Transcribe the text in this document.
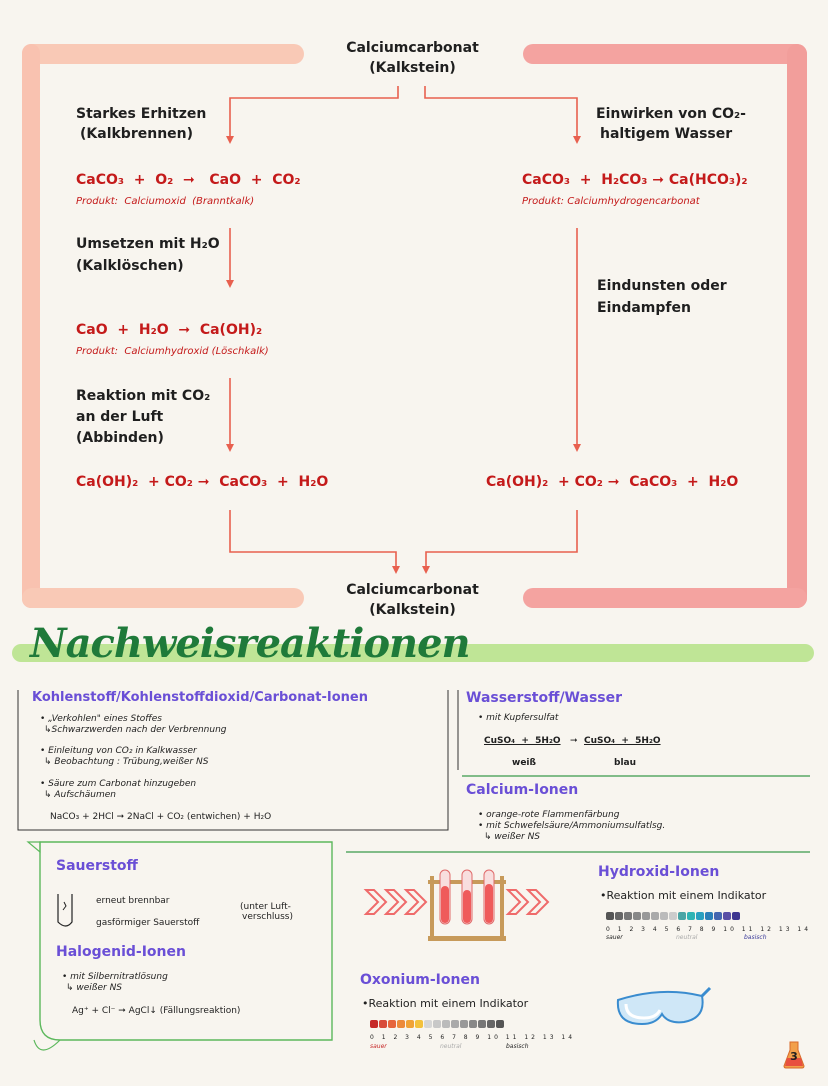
Calciumcarbonat
(Kalkstein)
Calciumcarbonat
(Kalkstein)
Starkes Erhitzen
(Kalkbrennen)
CaCO₃  +  O₂  ➞   CaO  +  CO₂
Produkt:  Calciumoxid  (Branntkalk)
Umsetzen mit H₂O
(Kalklöschen)
CaO  +  H₂O  ➞  Ca(OH)₂
Produkt:  Calciumhydroxid (Löschkalk)
Reaktion mit CO₂
an der Luft
(Abbinden)
Ca(OH)₂  + CO₂ ➞  CaCO₃  +  H₂O
Einwirken von CO₂-
haltigem Wasser
CaCO₃  +  H₂CO₃ ➞ Ca(HCO₃)₂
Produkt: Calciumhydrogencarbonat
Eindunsten oder
Eindampfen
Ca(OH)₂  + CO₂ ➞  CaCO₃  +  H₂O
Nachweisreaktionen
Kohlenstoff/Kohlenstoffdioxid/Carbonat-Ionen
• „Verkohlen" eines Stoffes
↳Schwarzwerden nach der Verbrennung
• Einleitung von CO₂ in Kalkwasser
↳ Beobachtung : Trübung,weißer NS
• Säure zum Carbonat hinzugeben
↳ Aufschäumen
NaCO₃ + 2HCl ➞ 2NaCl + CO₂ (entwichen) + H₂O
Wasserstoff/Wasser
• mit Kupfersulfat
CuSO₄  +  5H₂O ➞ CuSO₄  +  5H₂O
weiß	blau
Calcium-Ionen
• orange-rote Flammenfärbung
• mit Schwefelsäure/Ammoniumsulfatlsg.
↳ weißer NS
Sauerstoff
erneut brennbar
gasförmiger Sauerstoff
(unter Luft-
verschluss)
Halogenid-Ionen
• mit Silbernitratlösung
↳ weißer NS
Ag⁺ + Cl⁻ ➞ AgCl↓ (Fällungsreaktion)
Hydroxid-Ionen
•Reaktion mit einem Indikator
0 1 2 3 4 5 6 7 8 9 10 11 12 13 14
sauer	neutral	basisch
Oxonium-Ionen
•Reaktion mit einem Indikator
0 1 2 3 4 5 6 7 8 9 10 11 12 13 14
sauer	neutral	basisch
3
